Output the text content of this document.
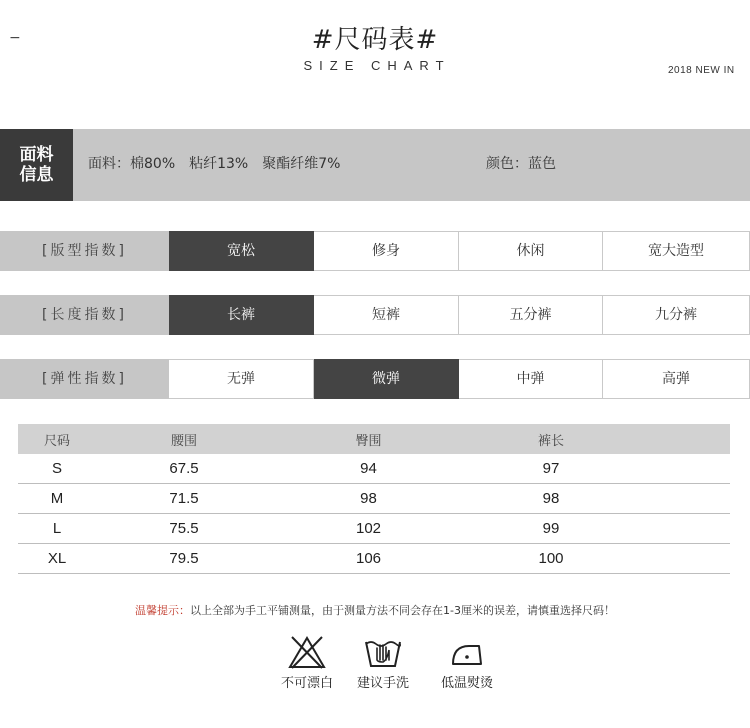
−	#尺码表#
SIZE CHART	2018 NEW IN
面料
信息
面料：棉80%　粘纤13%　聚酯纤维7%	颜色：蓝色
[版型指数]	宽松	修身	休闲	宽大造型
[长度指数]	长裤	短裤	五分裤	九分裤
[弹性指数]	无弹	微弹	中弹	高弹
尺码	腰围	臀围	裤长	
S	67.5	94	97	
M	71.5	98	98	
L	75.5	102	99	
XL	79.5	106	100	
温馨提示：以上全部为手工平铺测量，由于测量方法不同会存在1-3厘米的误差，请慎重选择尺码！
不可漂白	建议手洗	低温熨烫
